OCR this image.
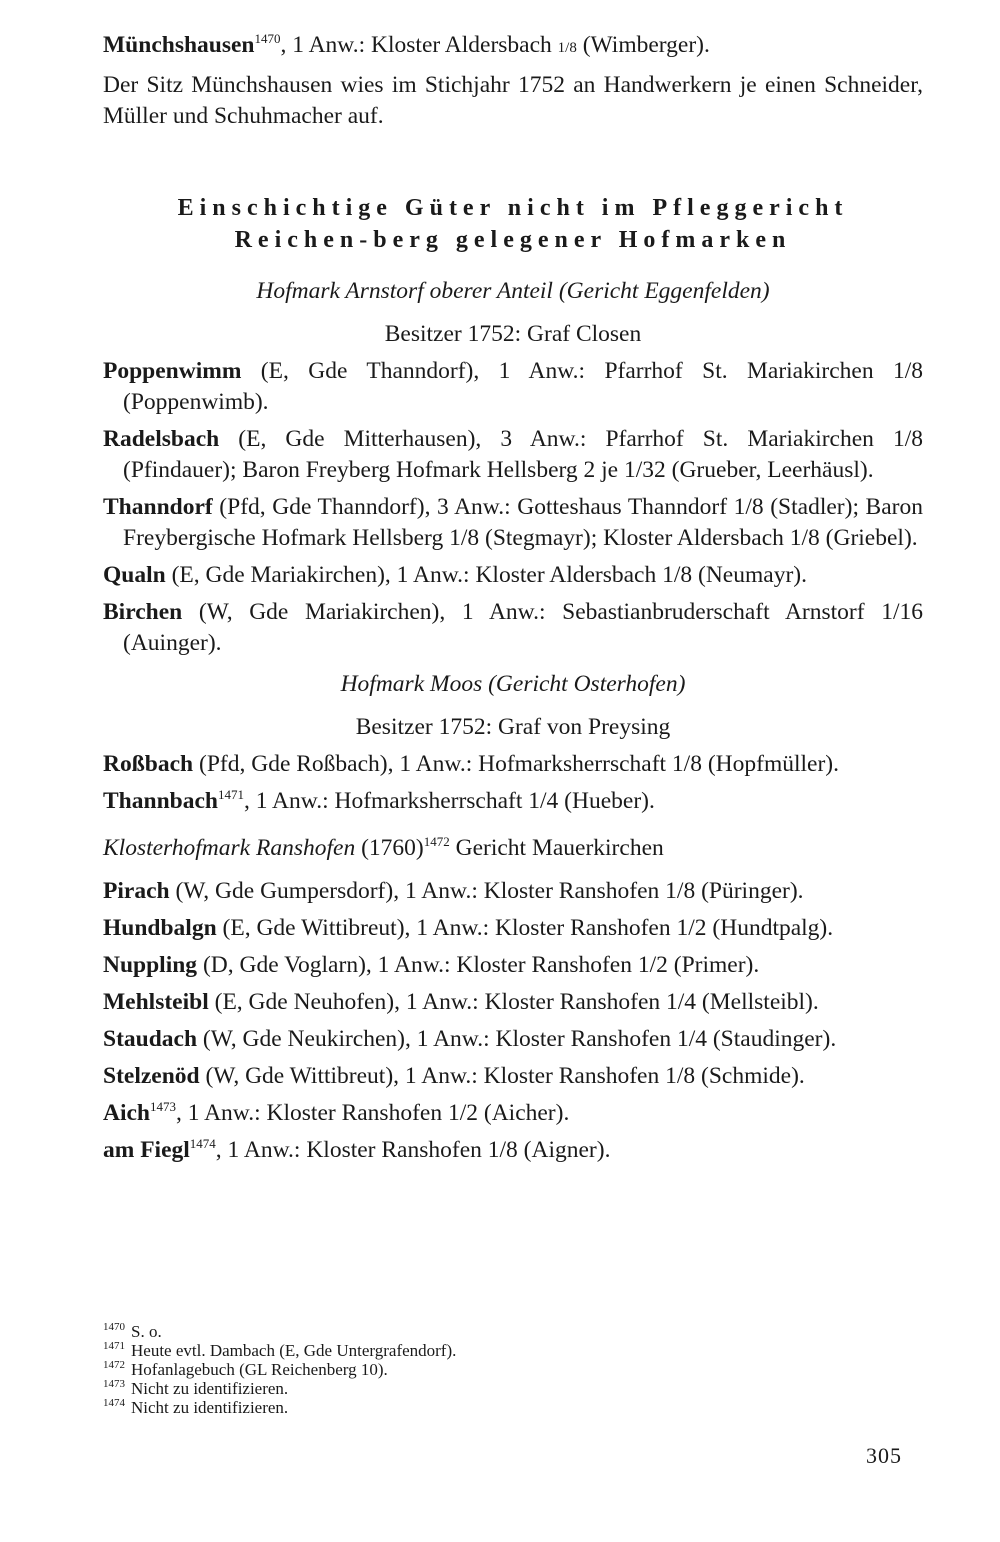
Münchshausen$^{1470}$, 1 Anw.: Kloster Aldersbach 1/8 (Wimberger).

Der Sitz Münchshausen wies im Stichjahr 1752 an Handwerkern je einen Schneider, Müller und Schuhmacher auf.

Einschichtige Güter nicht im Pfleggericht Reichen-berg gelegener Hofmarken
Hofmark Arnstorf oberer Anteil (Gericht Eggenfelden)
Besitzer 1752: Graf Closen

Poppenwimm (E, Gde Thanndorf), 1 Anw.: Pfarrhof St. Mariakirchen 1/8 (Poppenwimb).

Radelsbach (E, Gde Mitterhausen), 3 Anw.: Pfarrhof St. Mariakirchen 1/8 (Pfindauer); Baron Freyberg Hofmark Hellsberg 2 je 1/32 (Grueber, Leerhäusl).

Thanndorf (Pfd, Gde Thanndorf), 3 Anw.: Gotteshaus Thanndorf 1/8 (Stadler); Baron Freybergische Hofmark Hellsberg 1/8 (Stegmayr); Kloster Aldersbach 1/8 (Griebel).

Qualn (E, Gde Mariakirchen), 1 Anw.: Kloster Aldersbach 1/8 (Neumayr).

Birchen (W, Gde Mariakirchen), 1 Anw.: Sebastianbruderschaft Arnstorf 1/16 (Auinger).

Hofmark Moos (Gericht Osterhofen)
Besitzer 1752: Graf von Preysing

Roßbach (Pfd, Gde Roßbach), 1 Anw.: Hofmarksherrschaft 1/8 (Hopfmüller).

Thannbach$^{1471}$, 1 Anw.: Hofmarksherrschaft 1/4 (Hueber).

Klosterhofmark Ranshofen $(1760)^{1472}$ Gericht Mauerkirchen

Pirach (W, Gde Gumpersdorf), 1 Anw.: Kloster Ranshofen 1/8 (Püringer).

Hundbalgn (E, Gde Wittibreut), 1 Anw.: Kloster Ranshofen 1/2 (Hundtpalg).

Nuppling (D, Gde Voglarn), 1 Anw.: Kloster Ranshofen 1/2 (Primer).

Mehlsteibl (E, Gde Neuhofen), 1 Anw.: Kloster Ranshofen 1/4 (Mellsteibl).

Staudach (W, Gde Neukirchen), 1 Anw.: Kloster Ranshofen 1/4 (Staudinger).

Stelzenöd (W, Gde Wittibreut), 1 Anw.: Kloster Ranshofen 1/8 (Schmide).

Aich$^{1473}$, 1 Anw.: Kloster Ranshofen 1/2 (Aicher).

am Fiegl$^{1474}$, 1 Anw.: Kloster Ranshofen 1/8 (Aigner).

$^{1470}$ S. o.
$^{1471}$ Heute evtl. Dambach (E, Gde Untergrafendorf).
$^{1472}$ Hofanlagebuch (GL Reichenberg 10).
$^{1473}$ Nicht zu identifizieren.
$^{1474}$ Nicht zu identifizieren.
305
